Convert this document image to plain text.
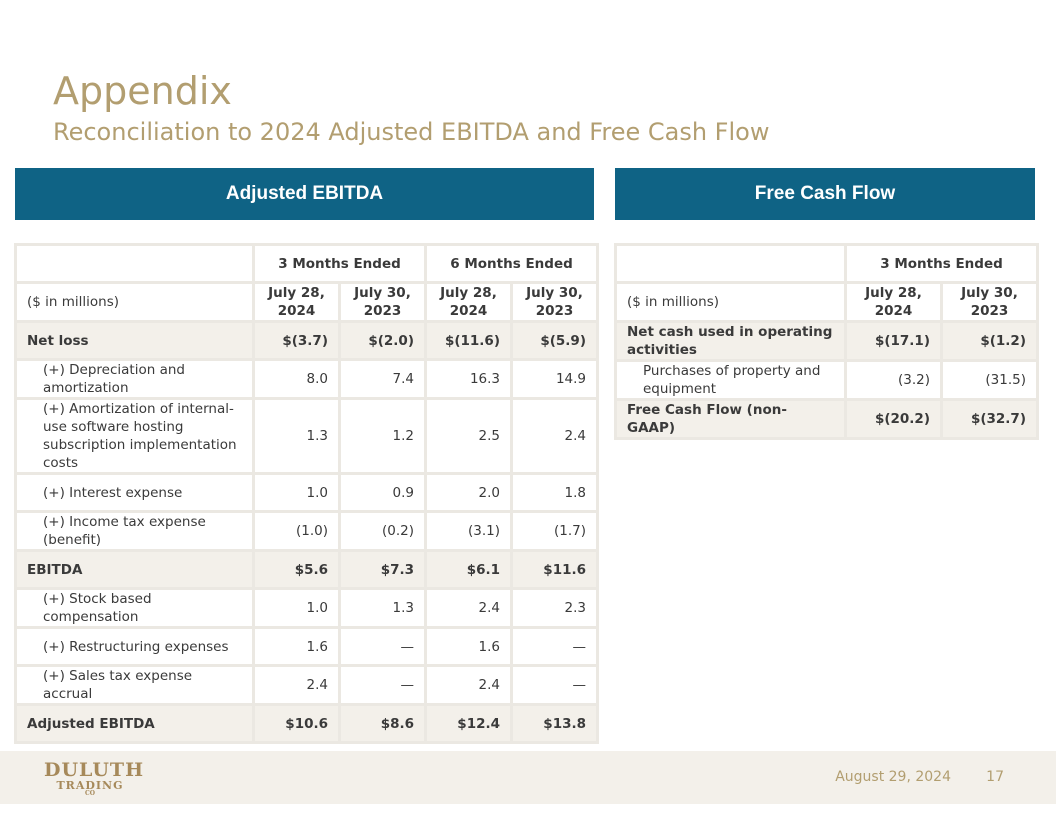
Appendix
Reconciliation to 2024 Adjusted EBITDA and Free Cash Flow
Adjusted EBITDA	Free Cash Flow
	3 Months Ended		6 Months Ended	
($ in millions)	July 28, 2024	July 30, 2023	July 28, 2024	July 30, 2023
Net loss	$(3.7)	$(2.0)	$(11.6)	$(5.9)
(+) Depreciation and amortization	8.0	7.4	16.3	14.9
(+) Amortization of internal-use software hosting subscription implementation costs	1.3	1.2	2.5	2.4
(+) Interest expense	1.0	0.9	2.0	1.8
(+) Income tax expense (benefit)	(1.0)	(0.2)	(3.1)	(1.7)
EBITDA	$5.6	$7.3	$6.1	$11.6
(+) Stock based compensation	1.0	1.3	2.4	2.3
(+) Restructuring expenses	1.6	—	1.6	—
(+) Sales tax expense accrual	2.4	—	2.4	—
Adjusted EBITDA	$10.6	$8.6	$12.4	$13.8
	3 Months Ended	
($ in millions)	July 28, 2024	July 30, 2023
Net cash used in operating activities	$(17.1)	$(1.2)
Purchases of property and equipment	(3.2)	(31.5)
Free Cash Flow (non-GAAP)	$(20.2)	$(32.7)
DULUTH
TRADING
CO
August 29, 2024	17
